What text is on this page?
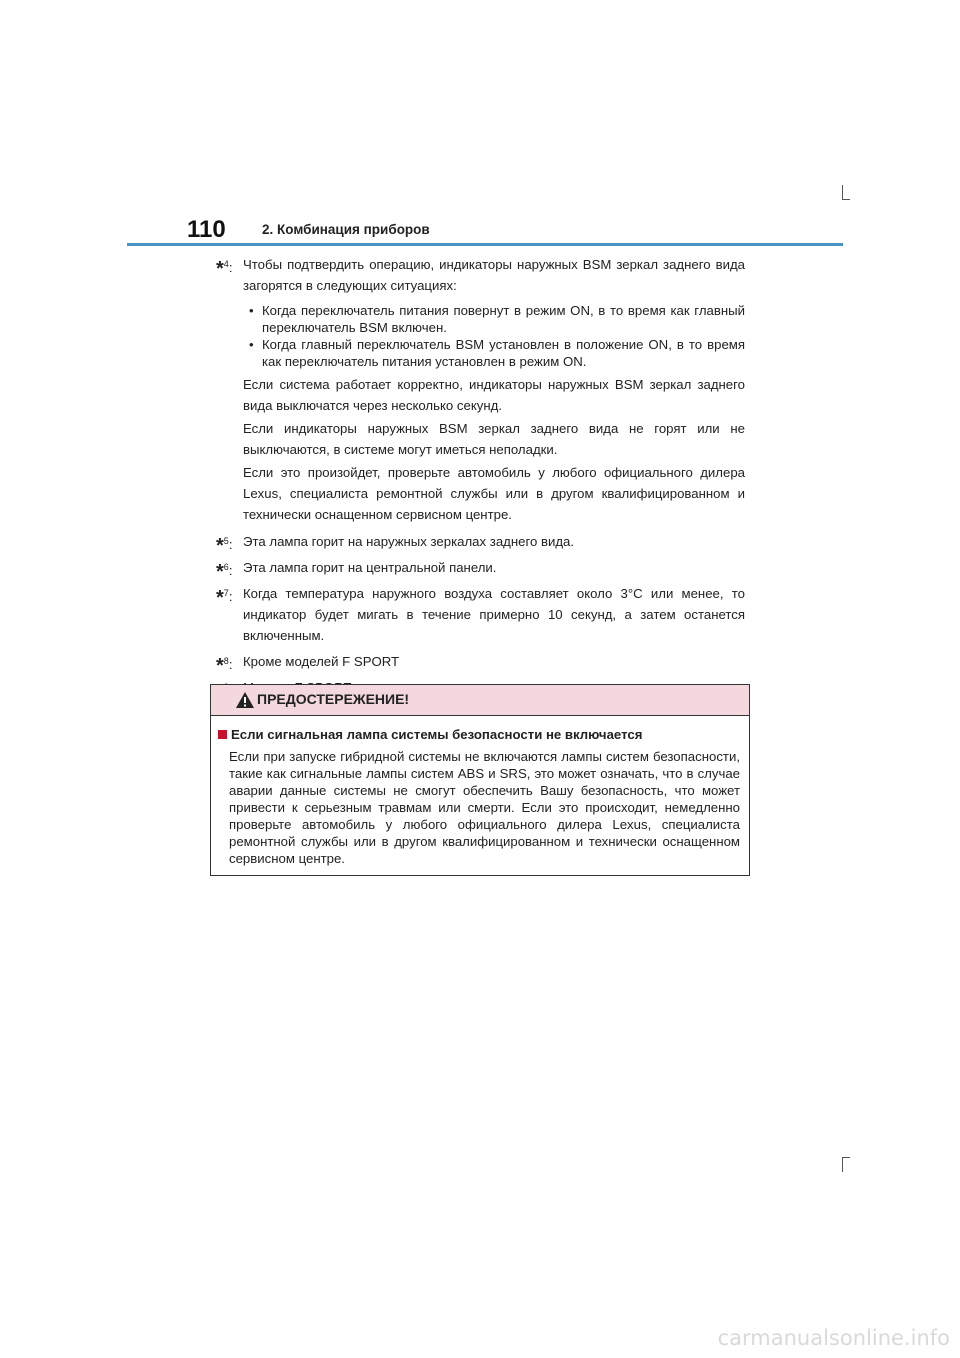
110	2. Комбинация приборов
*$^4$: Чтобы подтвердить операцию, индикаторы наружных BSM зеркал заднего вида загорятся в следующих ситуациях:
• Когда переключатель питания повернут в режим ON, в то время как главный переключатель BSM включен.
• Когда главный переключатель BSM установлен в положение ON, в то время как переключатель питания установлен в режим ON.
Если система работает корректно, индикаторы наружных BSM зеркал заднего вида выключатся через несколько секунд.
Если индикаторы наружных BSM зеркал заднего вида не горят или не выключаются, в системе могут иметься неполадки.
Если это произойдет, проверьте автомобиль у любого официального дилера Lexus, специалиста ремонтной службы или в другом квалифицированном и технически оснащенном сервисном центре.
*$^5$: Эта лампа горит на наружных зеркалах заднего вида.
*$^6$: Эта лампа горит на центральной панели.
*$^7$: Когда температура наружного воздуха составляет около 3°C или менее, то индикатор будет мигать в течение примерно 10 секунд, а затем останется включенным.
*$^8$: Кроме моделей F SPORT
ПРЕДОСТЕРЕЖЕНИЕ!
Если сигнальная лампа системы безопасности не включается
Если при запуске гибридной системы не включаются лампы систем безопасности, такие как сигнальные лампы систем ABS и SRS, это может означать, что в случае аварии данные системы не смогут обеспечить Вашу безопасность, что может привести к серьезным травмам или смерти. Если это происходит, немедленно проверьте автомобиль у любого официального дилера Lexus, специалиста ремонтной службы или в другом квалифицированном и технически оснащенном сервисном центре.
carmanualsonline.info
